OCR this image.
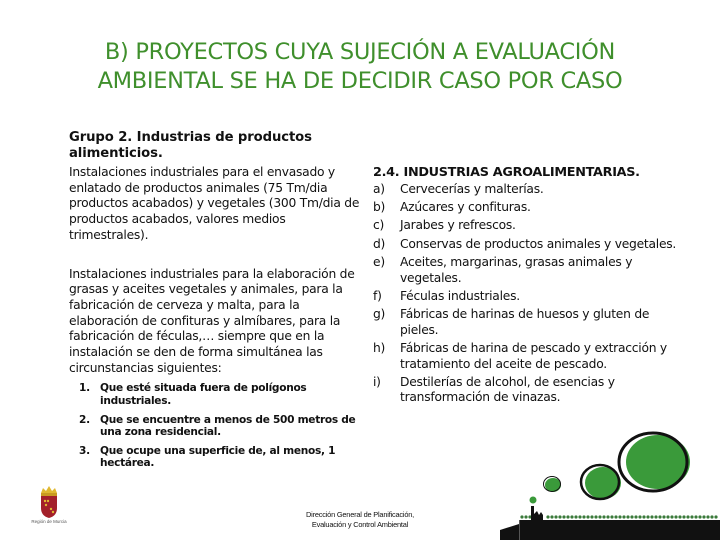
B) PROYECTOS CUYA SUJECIÓN A EVALUACIÓN
AMBIENTAL SE HA DE DECIDIR CASO POR CASO
Grupo 2. Industrias de productos alimenticios.

Instalaciones industriales para el envasado y enlatado de productos animales (75 Tm/dia productos acabados) y vegetales (300 Tm/dia de productos acabados, valores medios trimestrales).

Instalaciones industriales para la elaboración de grasas y aceites vegetales y animales, para la fabricación de cerveza y malta, para la elaboración de confituras y almíbares, para la fabricación de féculas,… siempre que en la instalación se den de forma simultánea las circunstancias siguientes:

1. Que esté situada fuera de polígonos industriales.
2. Que se encuentre a menos de 500 metros de una zona residencial.
3. Que ocupe una superficie de, al menos, 1 hectárea.
2.4. INDUSTRIAS AGROALIMENTARIAS.
a)	Cervecerías y malterías.
b)	Azúcares y confituras.
c)	Jarabes y refrescos.
d)	Conservas de productos animales y vegetales.
e)	Aceites, margarinas, grasas animales y vegetales.
f)	Féculas industriales.
g)	Fábricas de harinas de huesos y gluten de pieles.
h)	Fábricas de harina de pescado y extracción y tratamiento del aceite de pescado.
i)	Destilerías de alcohol, de esencias y transformación de vinazas.
Región de Murcia
Dirección General de Planificación,
Evaluación y Control Ambiental
